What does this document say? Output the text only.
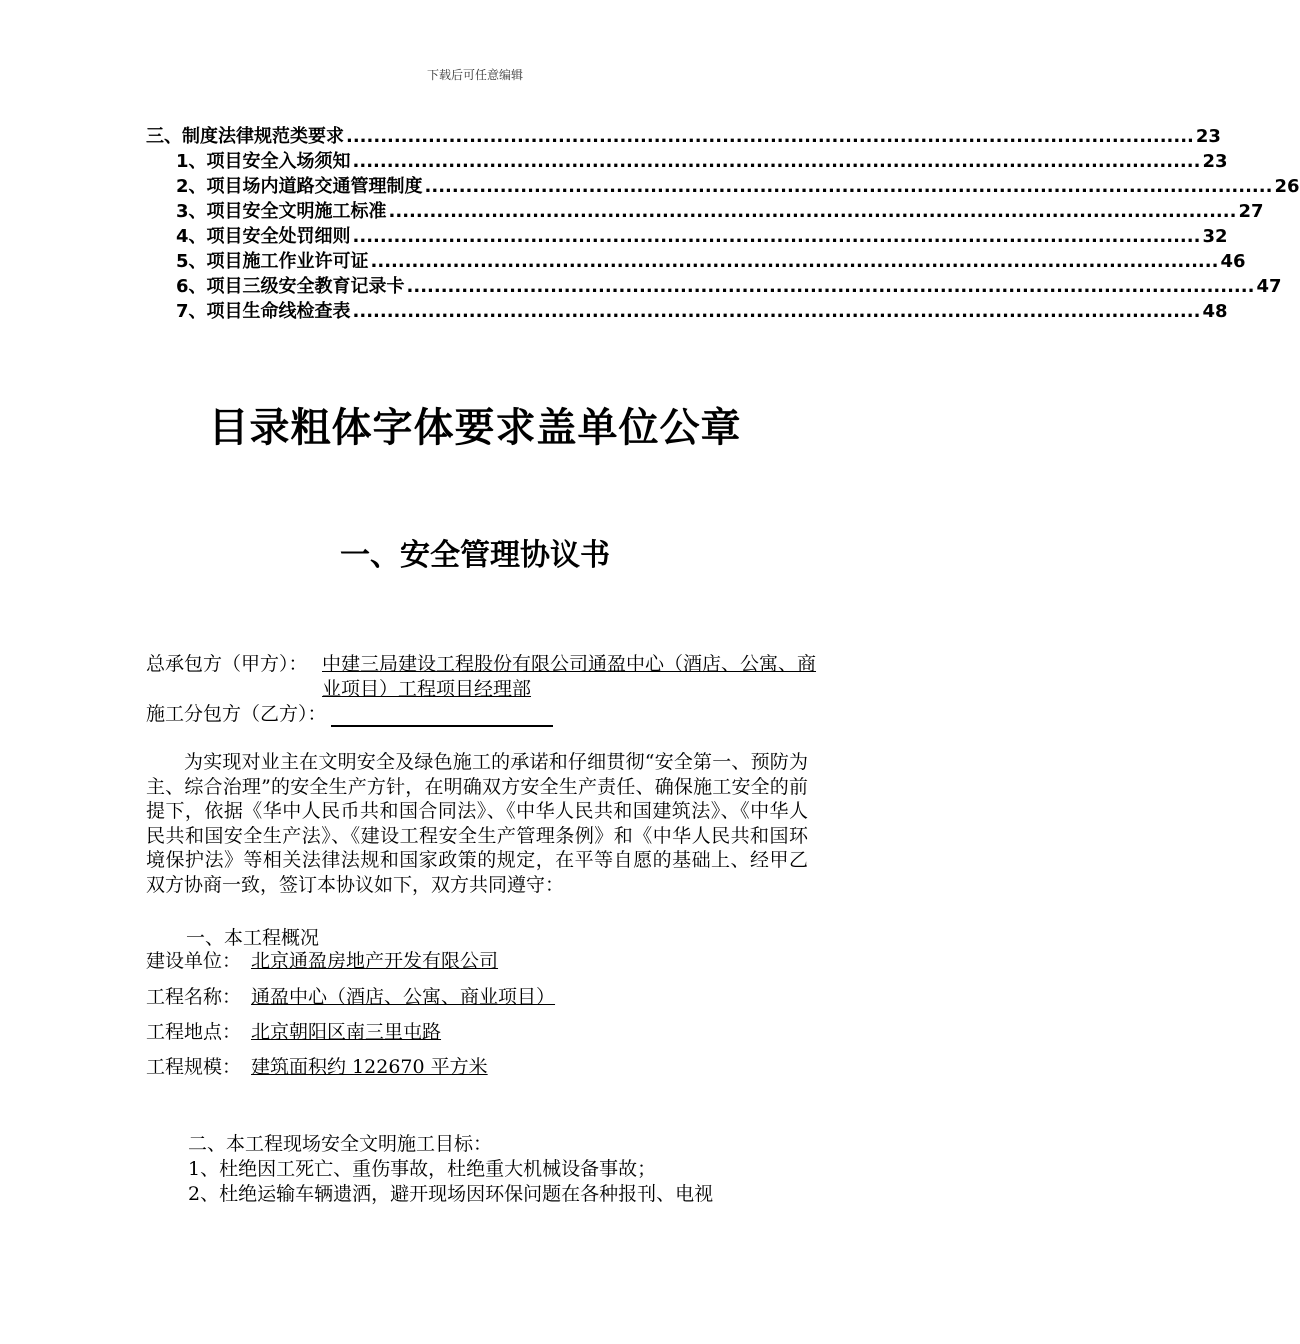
下载后可任意编辑
三、制度法律规范类要求 ............................................................................................................................ 23
1、项目安全入场须知 ............................................................................................................................ 23
2、项目场内道路交通管理制度 ............................................................................................................................ 26
3、项目安全文明施工标准 ............................................................................................................................ 27
4、项目安全处罚细则 ............................................................................................................................ 32
5、项目施工作业许可证 ............................................................................................................................ 46
6、项目三级安全教育记录卡 ............................................................................................................................ 47
7、项目生命线检查表 ............................................................................................................................ 48
目录粗体字体要求盖单位公章
一、安全管理协议书
总承包方（甲方）： 中建三局建设工程股份有限公司通盈中心（酒店、公寓、商业项目）工程项目经理部
施工分包方（乙方）：
为实现对业主在文明安全及绿色施工的承诺和仔细贯彻“安全第一、预防为主、综合治理”的安全生产方针，在明确双方安全生产责任、确保施工安全的前提下，依据《华中人民币共和国合同法》、《中华人民共和国建筑法》、《中华人民共和国安全生产法》、《建设工程安全生产管理条例》和《中华人民共和国环境保护法》等相关法律法规和国家政策的规定，在平等自愿的基础上、经甲乙双方协商一致，签订本协议如下，双方共同遵守：
一、本工程概况
建设单位： 北京通盈房地产开发有限公司
工程名称： 通盈中心（酒店、公寓、商业项目）
工程地点： 北京朝阳区南三里屯路
工程规模： 建筑面积约 122670 平方米
二、本工程现场安全文明施工目标：
1、杜绝因工死亡、重伤事故，杜绝重大机械设备事故；
2、杜绝运输车辆遗洒，避开现场因环保问题在各种报刊、电视
